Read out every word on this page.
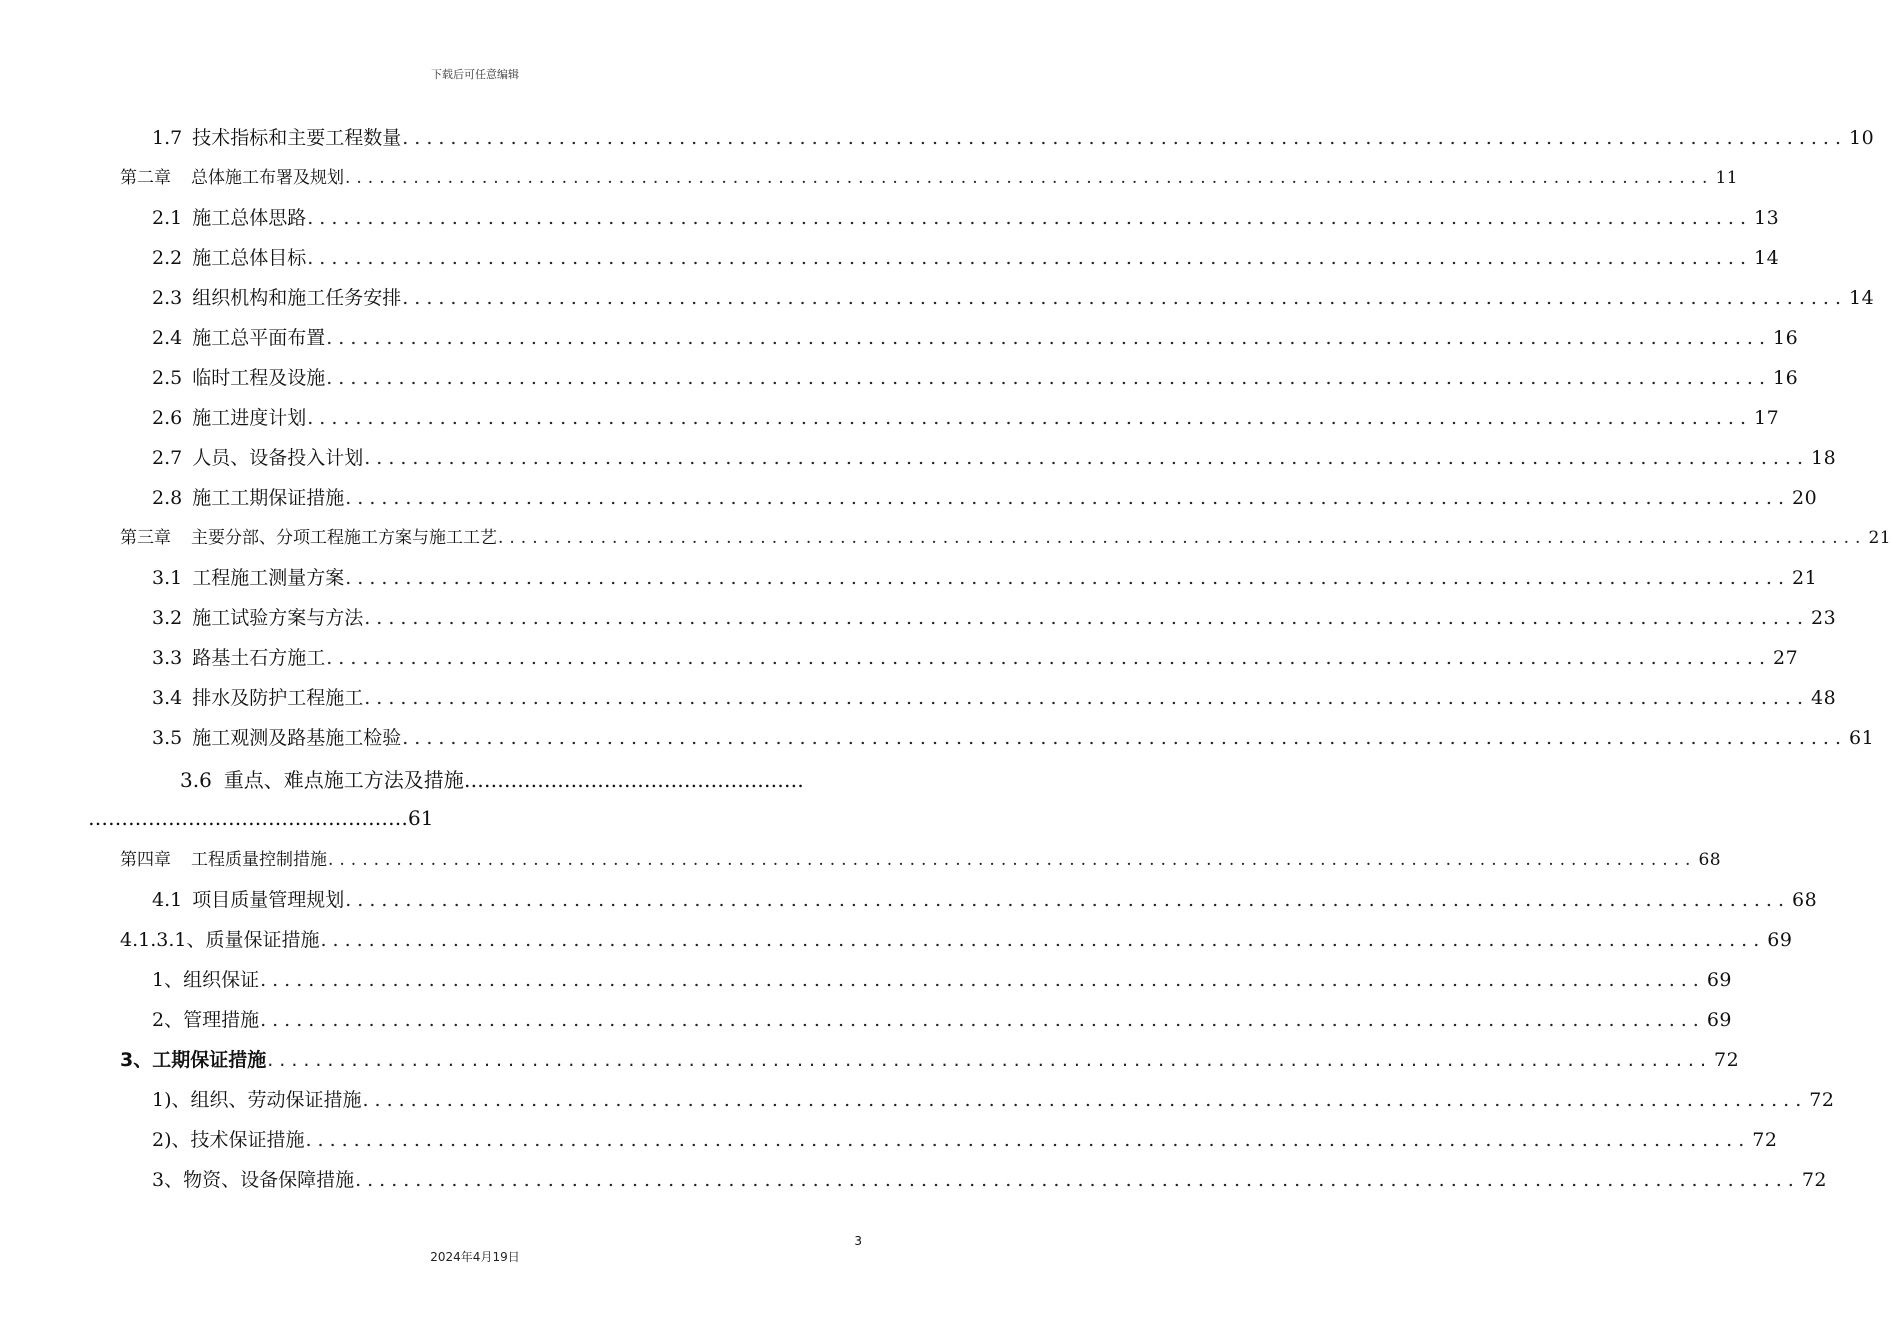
下载后可任意编辑
1.7 技术指标和主要工程数量 ........................................................................................................................ 10
第二章 总体施工布署及规划 ........................................................................................................................ 11
2.1 施工总体思路 ........................................................................................................................ 13
2.2 施工总体目标 ........................................................................................................................ 14
2.3 组织机构和施工任务安排 ........................................................................................................................ 14
2.4 施工总平面布置 ........................................................................................................................ 16
2.5 临时工程及设施 ........................................................................................................................ 16
2.6 施工进度计划 ........................................................................................................................ 17
2.7 人员、设备投入计划 ........................................................................................................................ 18
2.8 施工工期保证措施 ........................................................................................................................ 20
第三章 主要分部、分项工程施工方案与施工工艺 ........................................................................................................................ 21
3.1 工程施工测量方案 ........................................................................................................................ 21
3.2 施工试验方案与方法 ........................................................................................................................ 23
3.3 路基土石方施工 ........................................................................................................................ 27
3.4 排水及防护工程施工 ........................................................................................................................ 48
3.5 施工观测及路基施工检验 ........................................................................................................................ 61
3.6 重点、难点施工方法及措施……………………………………………
…………………………………………61
第四章 工程质量控制措施 ........................................................................................................................ 68
4.1 项目质量管理规划 ........................................................................................................................ 68
4.1.3.1、质量保证措施 ........................................................................................................................ 69
1、组织保证 ........................................................................................................................ 69
2、管理措施 ........................................................................................................................ 69
3、工期保证措施 ........................................................................................................................ 72
1)、组织、劳动保证措施 ........................................................................................................................ 72
2)、技术保证措施 ........................................................................................................................ 72
3、物资、设备保障措施 ........................................................................................................................ 72
3
2024年4月19日
